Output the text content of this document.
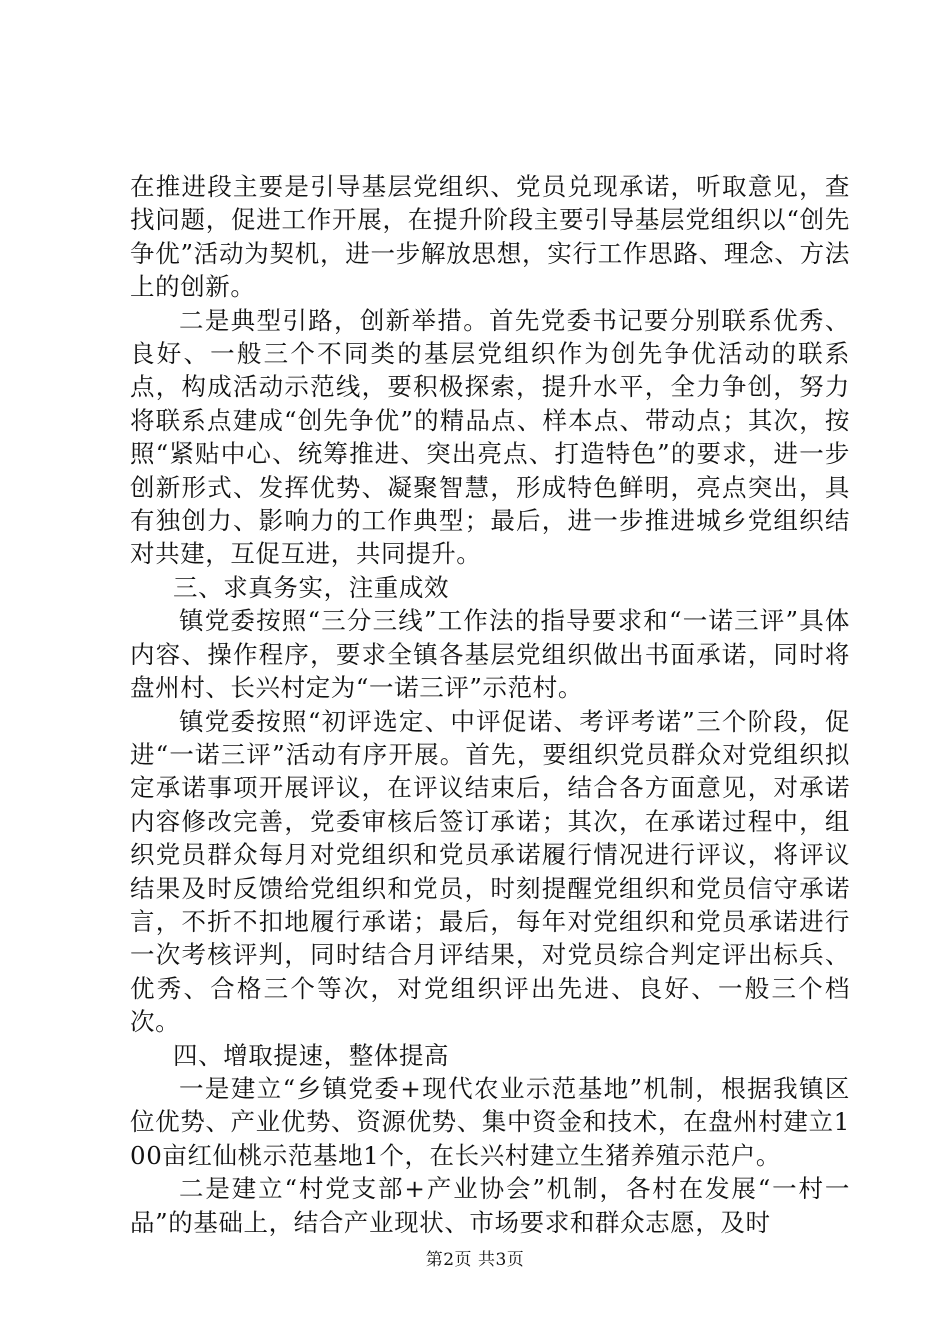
在推进段主要是引导基层党组织、党员兑现承诺，听取意见，查找问题，促进工作开展，在提升阶段主要引导基层党组织以“创先争优”活动为契机，进一步解放思想，实行工作思路、理念、方法上的创新。

二是典型引路，创新举措。首先党委书记要分别联系优秀、良好、一般三个不同类的基层党组织作为创先争优活动的联系点，构成活动示范线，要积极探索，提升水平，全力争创，努力将联系点建成“创先争优”的精品点、样本点、带动点；其次，按照“紧贴中心、统筹推进、突出亮点、打造特色”的要求，进一步创新形式、发挥优势、凝聚智慧，形成特色鲜明，亮点突出，具有独创力、影响力的工作典型；最后，进一步推进城乡党组织结对共建，互促互进，共同提升。

三、求真务实，注重成效

镇党委按照“三分三线”工作法的指导要求和“一诺三评”具体内容、操作程序，要求全镇各基层党组织做出书面承诺，同时将盘州村、长兴村定为“一诺三评”示范村。

镇党委按照“初评选定、中评促诺、考评考诺”三个阶段，促进“一诺三评”活动有序开展。首先，要组织党员群众对党组织拟定承诺事项开展评议，在评议结束后，结合各方面意见，对承诺内容修改完善，党委审核后签订承诺；其次，在承诺过程中，组织党员群众每月对党组织和党员承诺履行情况进行评议，将评议结果及时反馈给党组织和党员，时刻提醒党组织和党员信守承诺言，不折不扣地履行承诺；最后，每年对党组织和党员承诺进行一次考核评判，同时结合月评结果，对党员综合判定评出标兵、优秀、合格三个等次，对党组织评出先进、良好、一般三个档次。

四、增取提速，整体提高

一是建立“乡镇党委+现代农业示范基地”机制，根据我镇区位优势、产业优势、资源优势、集中资金和技术，在盘州村建立100亩红仙桃示范基地1个，在长兴村建立生猪养殖示范户。

二是建立“村党支部+产业协会”机制，各村在发展“一村一品”的基础上，结合产业现状、市场要求和群众志愿，及时

第2页 共3页
